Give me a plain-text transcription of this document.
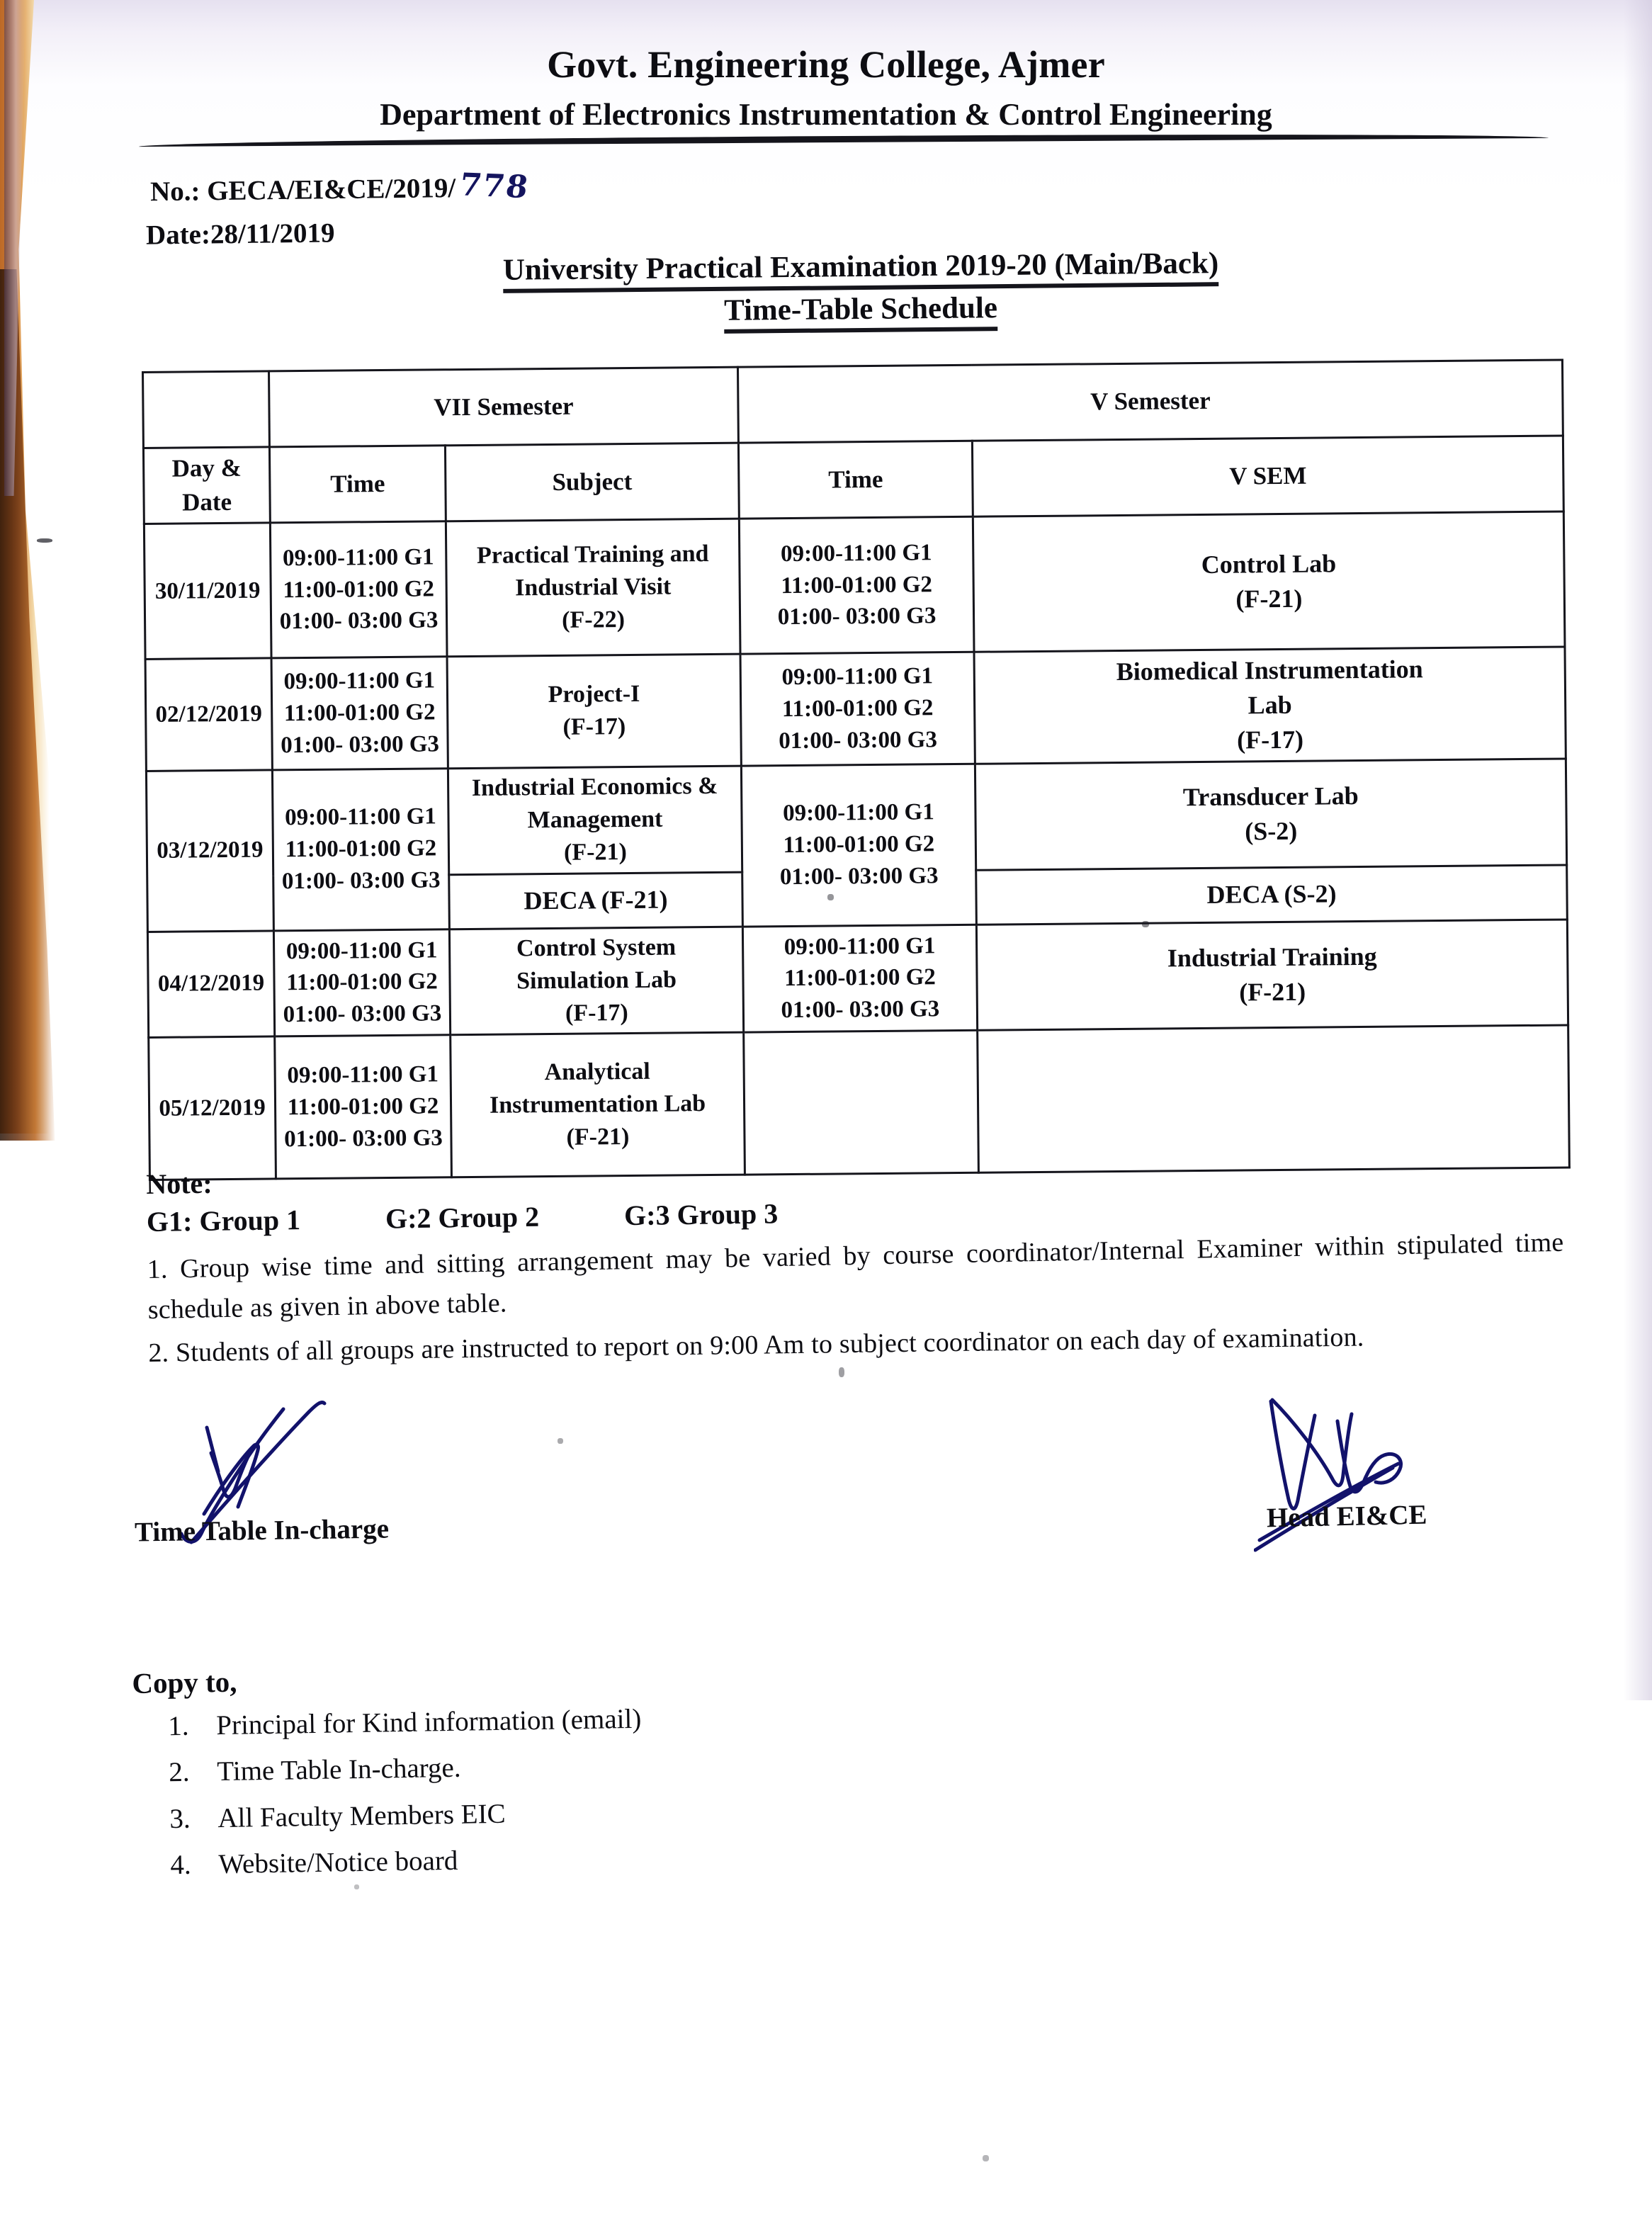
Govt. Engineering College, Ajmer
Department of Electronics Instrumentation & Control Engineering
No.: GECA/EI&CE/2019/778
Date:28/11/2019
University Practical Examination 2019-20 (Main/Back)
Time-Table Schedule
	VII Semester		V Semester	

Day &
Date	Time	Subject	Time	V SEM
30/11/2019	09:00-11:00 G1
11:00-01:00 G2
01:00- 03:00 G3	Practical Training and
Industrial Visit
(F-22)	09:00-11:00 G1
11:00-01:00 G2
01:00- 03:00 G3	Control Lab
(F-21)

02/12/2019	09:00-11:00 G1
11:00-01:00 G2
01:00- 03:00 G3	Project-I
(F-17)	09:00-11:00 G1
11:00-01:00 G2
01:00- 03:00 G3	Biomedical Instrumentation
Lab
(F-17)

03/12/2019	09:00-11:00 G1
11:00-01:00 G2
01:00- 03:00 G3	Industrial Economics &
Management
(F-21)	09:00-11:00 G1
11:00-01:00 G2
01:00- 03:00 G3	Transducer Lab
(S-2)

		DECA (F-21)		DECA (S-2)
04/12/2019	09:00-11:00 G1
11:00-01:00 G2
01:00- 03:00 G3	Control System
Simulation Lab
(F-17)	09:00-11:00 G1
11:00-01:00 G2
01:00- 03:00 G3	Industrial Training
(F-21)

05/12/2019	09:00-11:00 G1
11:00-01:00 G2
01:00- 03:00 G3	Analytical
Instrumentation Lab
(F-21)		

Note:
G1: Group 1	G:2 Group 2	G:3 Group 3
1. Group wise time and sitting arrangement may be varied by course coordinator/Internal Examiner within stipulated time schedule as given in above table.
2. Students of all groups are instructed to report on 9:00 Am to subject coordinator on each day of examination.
Time Table In-charge	Head EI&CE
Copy to,
1. Principal for Kind information (email)
2. Time Table In-charge.
3. All Faculty Members EIC
4. Website/Notice board
